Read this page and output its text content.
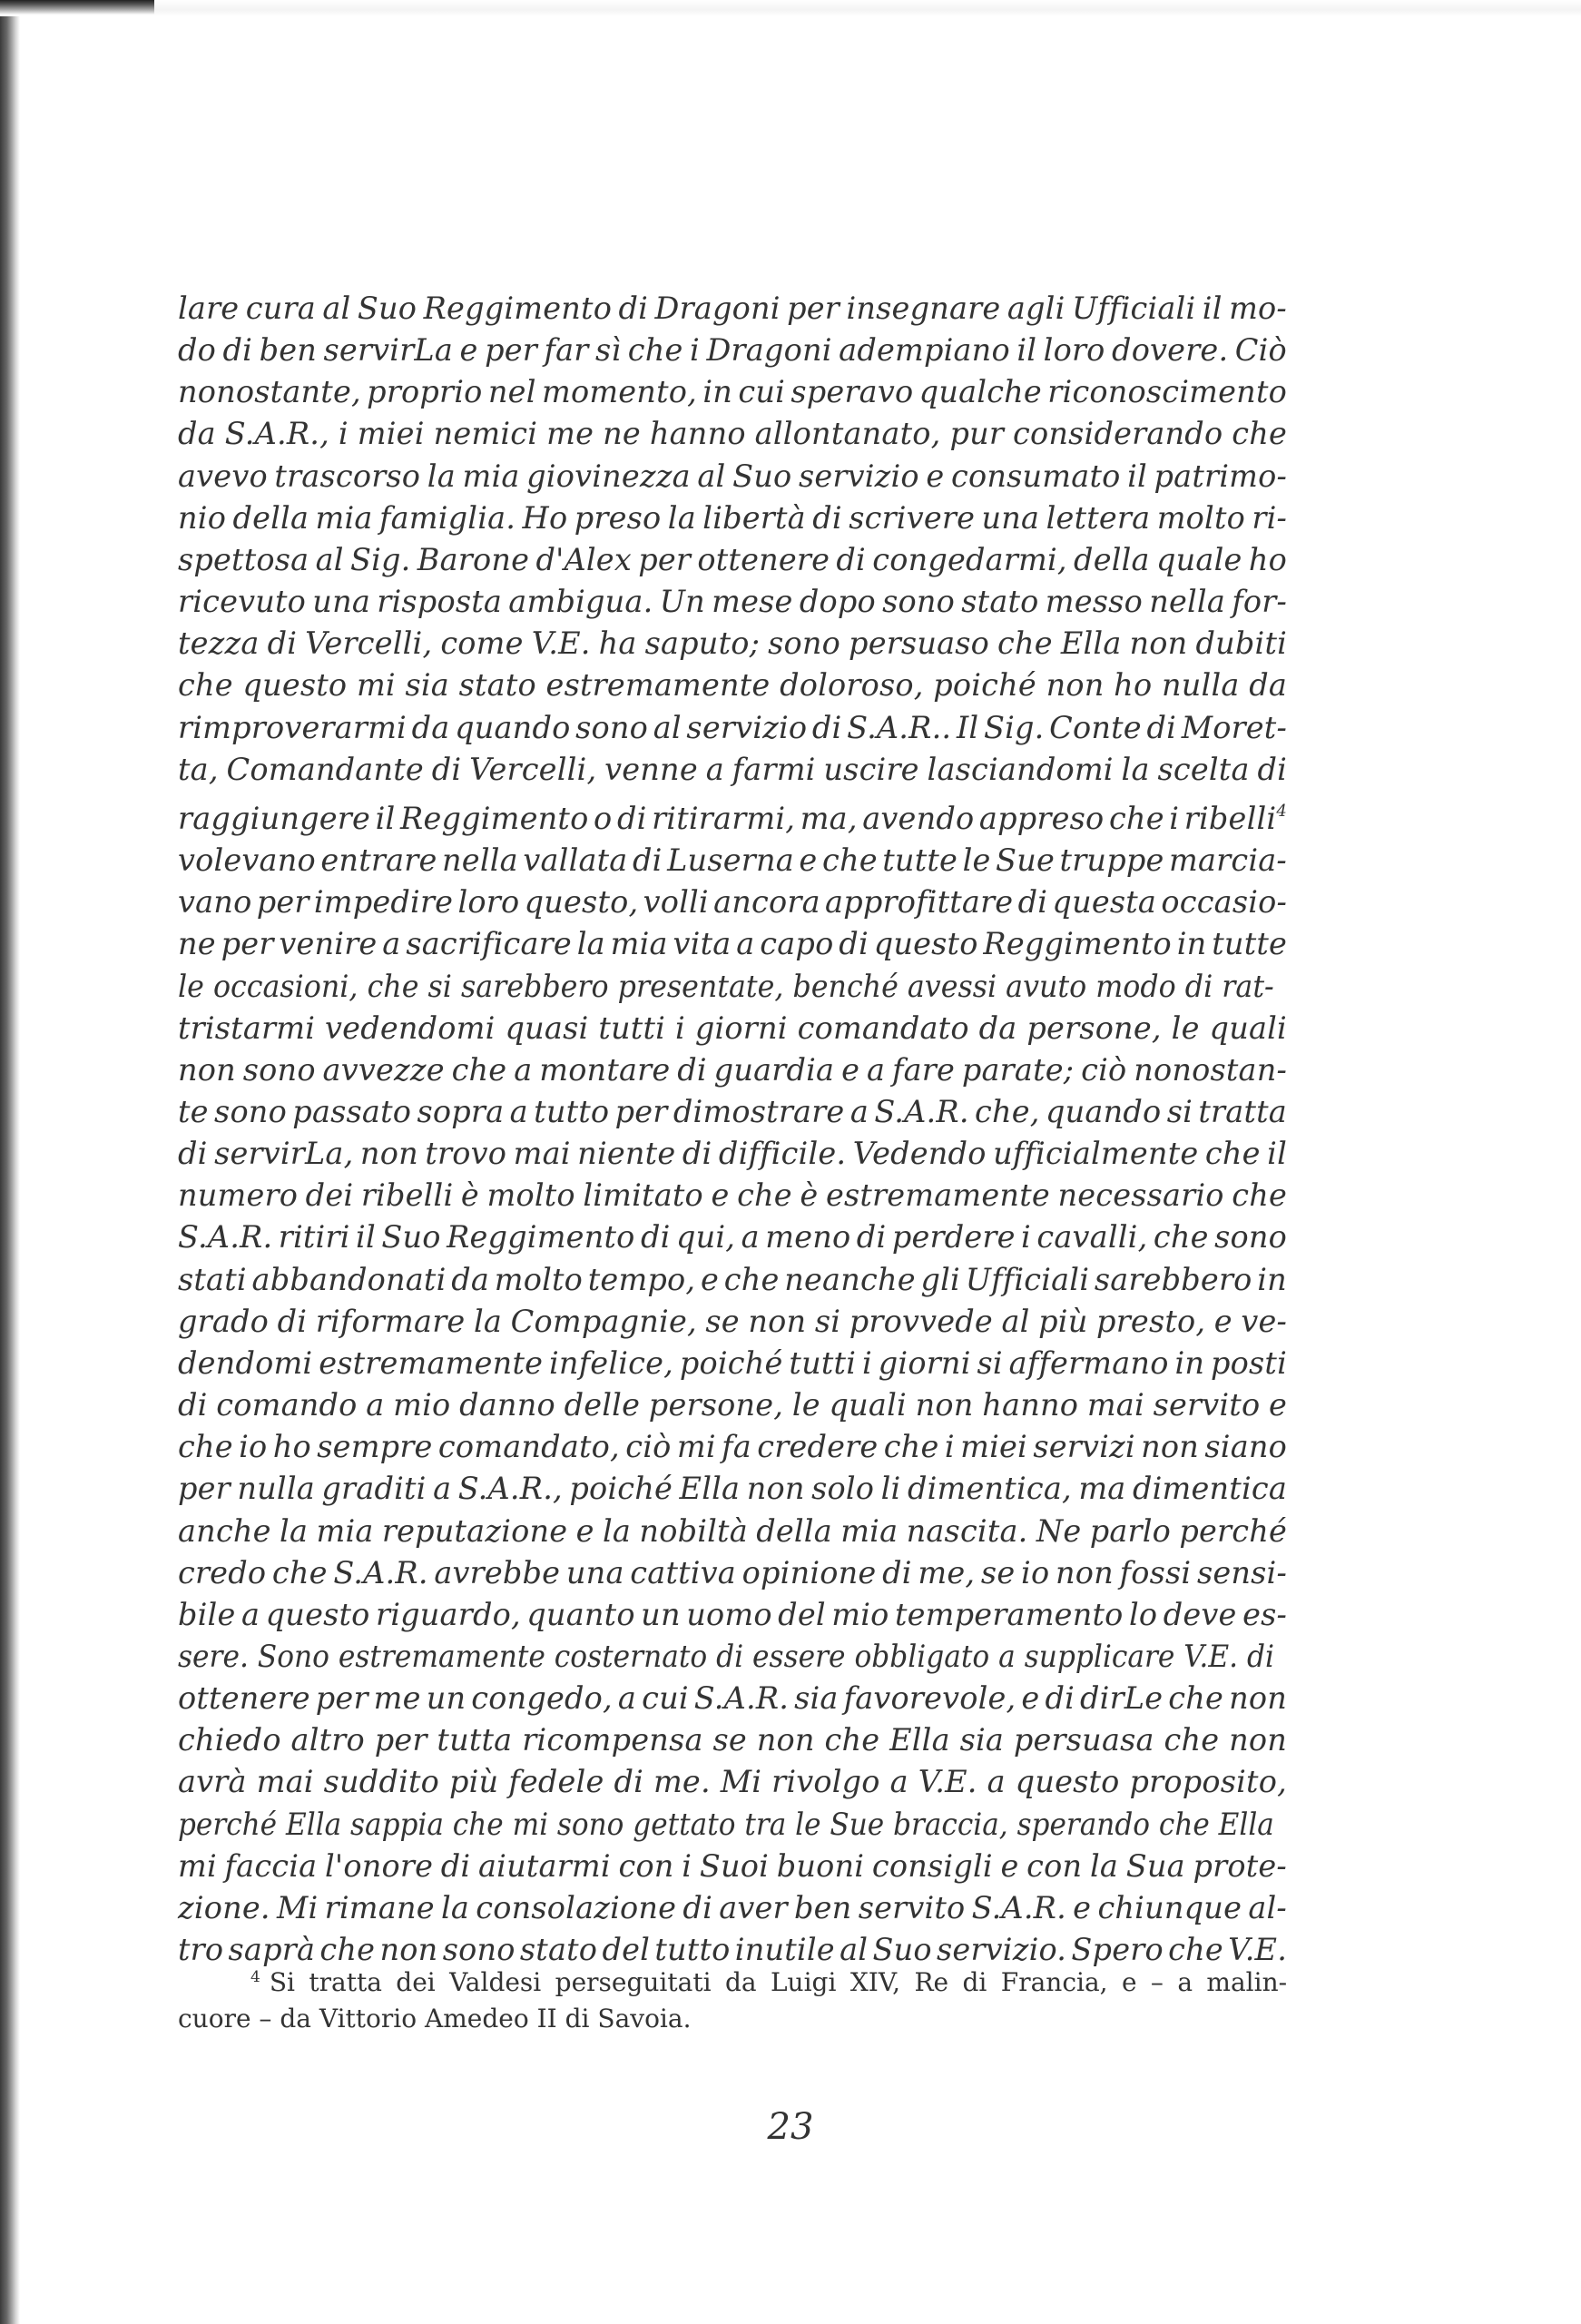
lare cura al Suo Reggimento di Dragoni per insegnare agli Ufficiali il mo-
do di ben servirLa e per far sì che i Dragoni adempiano il loro dovere. Ciò
nonostante, proprio nel momento, in cui speravo qualche riconoscimento
da S.A.R., i miei nemici me ne hanno allontanato, pur considerando che
avevo trascorso la mia giovinezza al Suo servizio e consumato il patrimo-
nio della mia famiglia. Ho preso la libertà di scrivere una lettera molto ri-
spettosa al Sig. Barone d'Alex per ottenere di congedarmi, della quale ho
ricevuto una risposta ambigua. Un mese dopo sono stato messo nella for-
tezza di Vercelli, come V.E. ha saputo; sono persuaso che Ella non dubiti
che questo mi sia stato estremamente doloroso, poiché non ho nulla da
rimproverarmi da quando sono al servizio di S.A.R.. Il Sig. Conte di Moret-
ta, Comandante di Vercelli, venne a farmi uscire lasciandomi la scelta di
raggiungere il Reggimento o di ritirarmi, ma, avendo appreso che i ribelli$^4$
volevano entrare nella vallata di Luserna e che tutte le Sue truppe marcia-
vano per impedire loro questo, volli ancora approfittare di questa occasio-
ne per venire a sacrificare la mia vita a capo di questo Reggimento in tutte
le occasioni, che si sarebbero presentate, benché avessi avuto modo di rat-
tristarmi vedendomi quasi tutti i giorni comandato da persone, le quali
non sono avvezze che a montare di guardia e a fare parate; ciò nonostan-
te sono passato sopra a tutto per dimostrare a S.A.R. che, quando si tratta
di servirLa, non trovo mai niente di difficile. Vedendo ufficialmente che il
numero dei ribelli è molto limitato e che è estremamente necessario che
S.A.R. ritiri il Suo Reggimento di qui, a meno di perdere i cavalli, che sono
stati abbandonati da molto tempo, e che neanche gli Ufficiali sarebbero in
grado di riformare la Compagnie, se non si provvede al più presto, e ve-
dendomi estremamente infelice, poiché tutti i giorni si affermano in posti
di comando a mio danno delle persone, le quali non hanno mai servito e
che io ho sempre comandato, ciò mi fa credere che i miei servizi non siano
per nulla graditi a S.A.R., poiché Ella non solo li dimentica, ma dimentica
anche la mia reputazione e la nobiltà della mia nascita. Ne parlo perché
credo che S.A.R. avrebbe una cattiva opinione di me, se io non fossi sensi-
bile a questo riguardo, quanto un uomo del mio temperamento lo deve es-
sere. Sono estremamente costernato di essere obbligato a supplicare V.E. di
ottenere per me un congedo, a cui S.A.R. sia favorevole, e di dirLe che non
chiedo altro per tutta ricompensa se non che Ella sia persuasa che non
avrà mai suddito più fedele di me. Mi rivolgo a V.E. a questo proposito,
perché Ella sappia che mi sono gettato tra le Sue braccia, sperando che Ella
mi faccia l'onore di aiutarmi con i Suoi buoni consigli e con la Sua prote-
zione. Mi rimane la consolazione di aver ben servito S.A.R. e chiunque al-
tro saprà che non sono stato del tutto inutile al Suo servizio. Spero che V.E.
$^4$ Si tratta dei Valdesi perseguitati da Luigi XIV, Re di Francia, e – a malin-
cuore – da Vittorio Amedeo II di Savoia.
23
